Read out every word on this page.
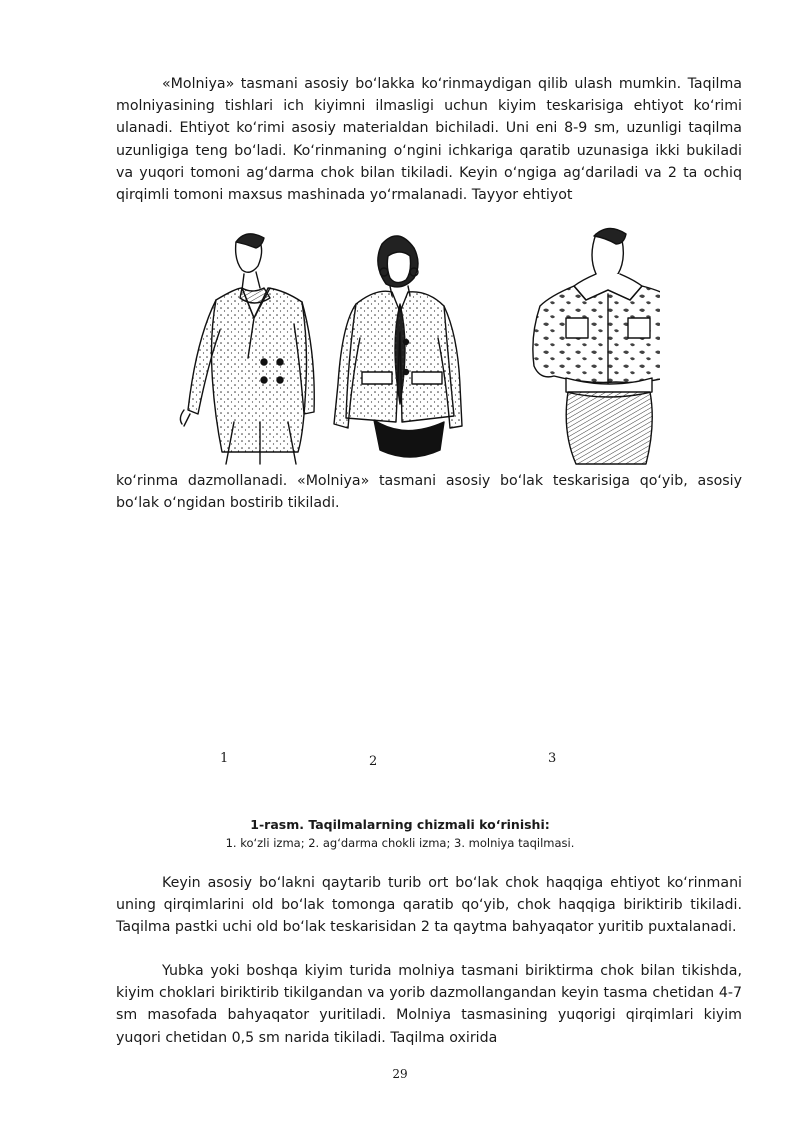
«Molniya» tasmani asosiy bo‘lakka ko‘rinmaydigan qilib ulash mumkin. Taqilma molniyasining tishlari ich kiyimni ilmasligi uchun kiyim teskarisiga ehtiyot ko‘rimi ulanadi. Ehtiyot ko‘rimi asosiy materialdan bichiladi. Uni eni 8-9 sm, uzunligi taqilma uzunligiga teng bo‘ladi. Ko‘rinmaning o‘ngini ichkariga qaratib uzunasiga ikki bukiladi va yuqori tomoni ag‘darma chok bilan tikiladi. Keyin o‘ngiga ag‘dariladi va 2 ta ochiq qirqimli tomoni maxsus mashinada yo‘rmalanadi. Tayyor ehtiyot

ko‘rinma dazmollanadi. «Molniya» tasmani asosiy bo‘lak teskarisiga qo‘yib, asosiy bo‘lak o‘ngidan bostirib tikiladi.

1	2	3
1-rasm. Taqilmalarning chizmali ko‘rinishi:
1. ko‘zli izma; 2. ag‘darma chokli izma; 3. molniya taqilmasi.

Keyin asosiy bo‘lakni qaytarib turib ort bo‘lak chok haqqiga ehtiyot ko‘rinmani uning qirqimlarini old bo‘lak tomonga qaratib qo‘yib, chok haqqiga biriktirib tikiladi. Taqilma pastki uchi old bo‘lak teskarisidan 2 ta qaytma bahyaqator yuritib puxtalanadi.

Yubka yoki boshqa kiyim turida molniya tasmani biriktirma chok bilan tikishda, kiyim choklari biriktirib tikilgandan va yorib dazmollangandan keyin tasma chetidan 4-7 sm masofada bahyaqator yuritiladi. Molniya tasmasining yuqorigi qirqimlari kiyim yuqori chetidan 0,5 sm narida tikiladi. Taqilma oxirida

29
